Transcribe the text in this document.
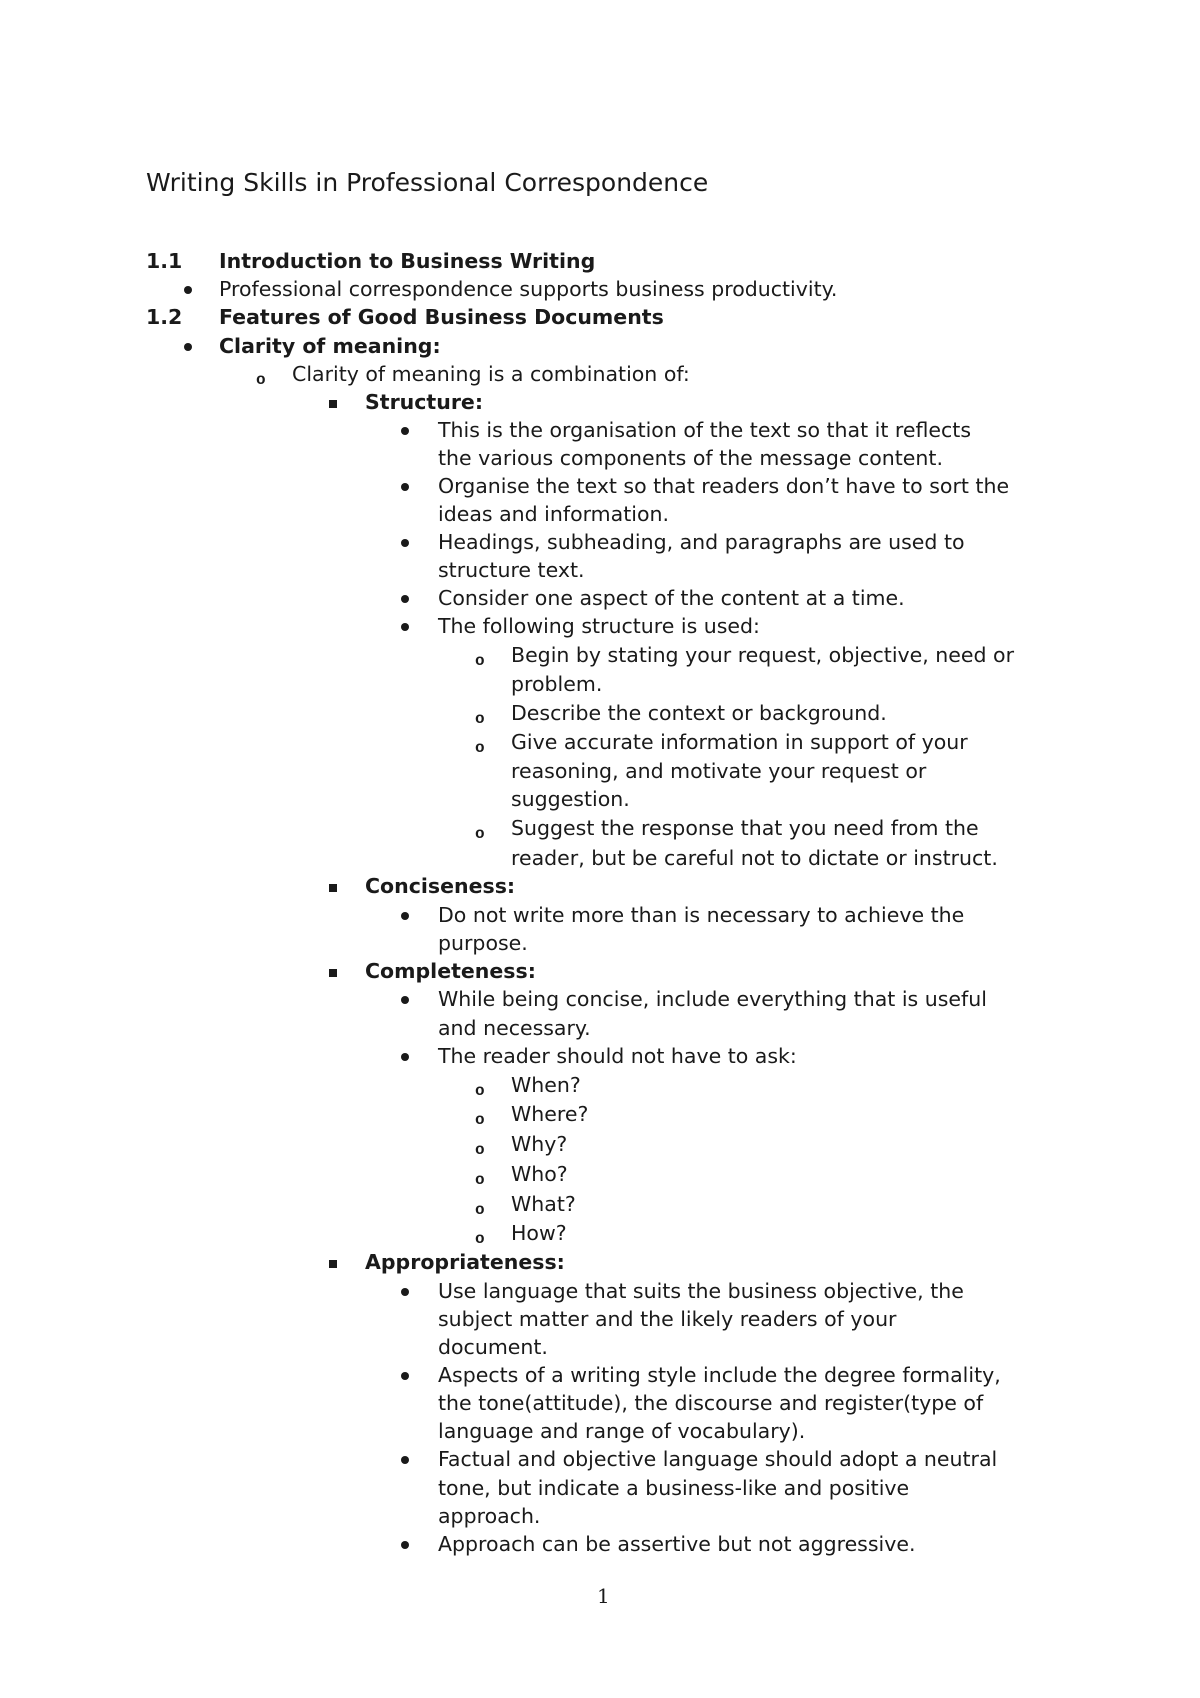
Writing Skills in Professional Correspondence
1.1 Introduction to Business Writing
Professional correspondence supports business productivity.
1.2 Features of Good Business Documents
Clarity of meaning:
o Clarity of meaning is a combination of:
Structure:
This is the organisation of the text so that it reflects
the various components of the message content.
Organise the text so that readers don’t have to sort the
ideas and information.
Headings, subheading, and paragraphs are used to
structure text.
Consider one aspect of the content at a time.
The following structure is used:
o Begin by stating your request, objective, need or
problem.
o Describe the context or background.
o Give accurate information in support of your
reasoning, and motivate your request or
suggestion.
o Suggest the response that you need from the
reader, but be careful not to dictate or instruct.
Conciseness:
Do not write more than is necessary to achieve the
purpose.
Completeness:
While being concise, include everything that is useful
and necessary.
The reader should not have to ask:
o When?
o Where?
o Why?
o Who?
o What?
o How?
Appropriateness:
Use language that suits the business objective, the
subject matter and the likely readers of your
document.
Aspects of a writing style include the degree formality,
the tone(attitude), the discourse and register(type of
language and range of vocabulary).
Factual and objective language should adopt a neutral
tone, but indicate a business-like and positive
approach.
Approach can be assertive but not aggressive.
1
